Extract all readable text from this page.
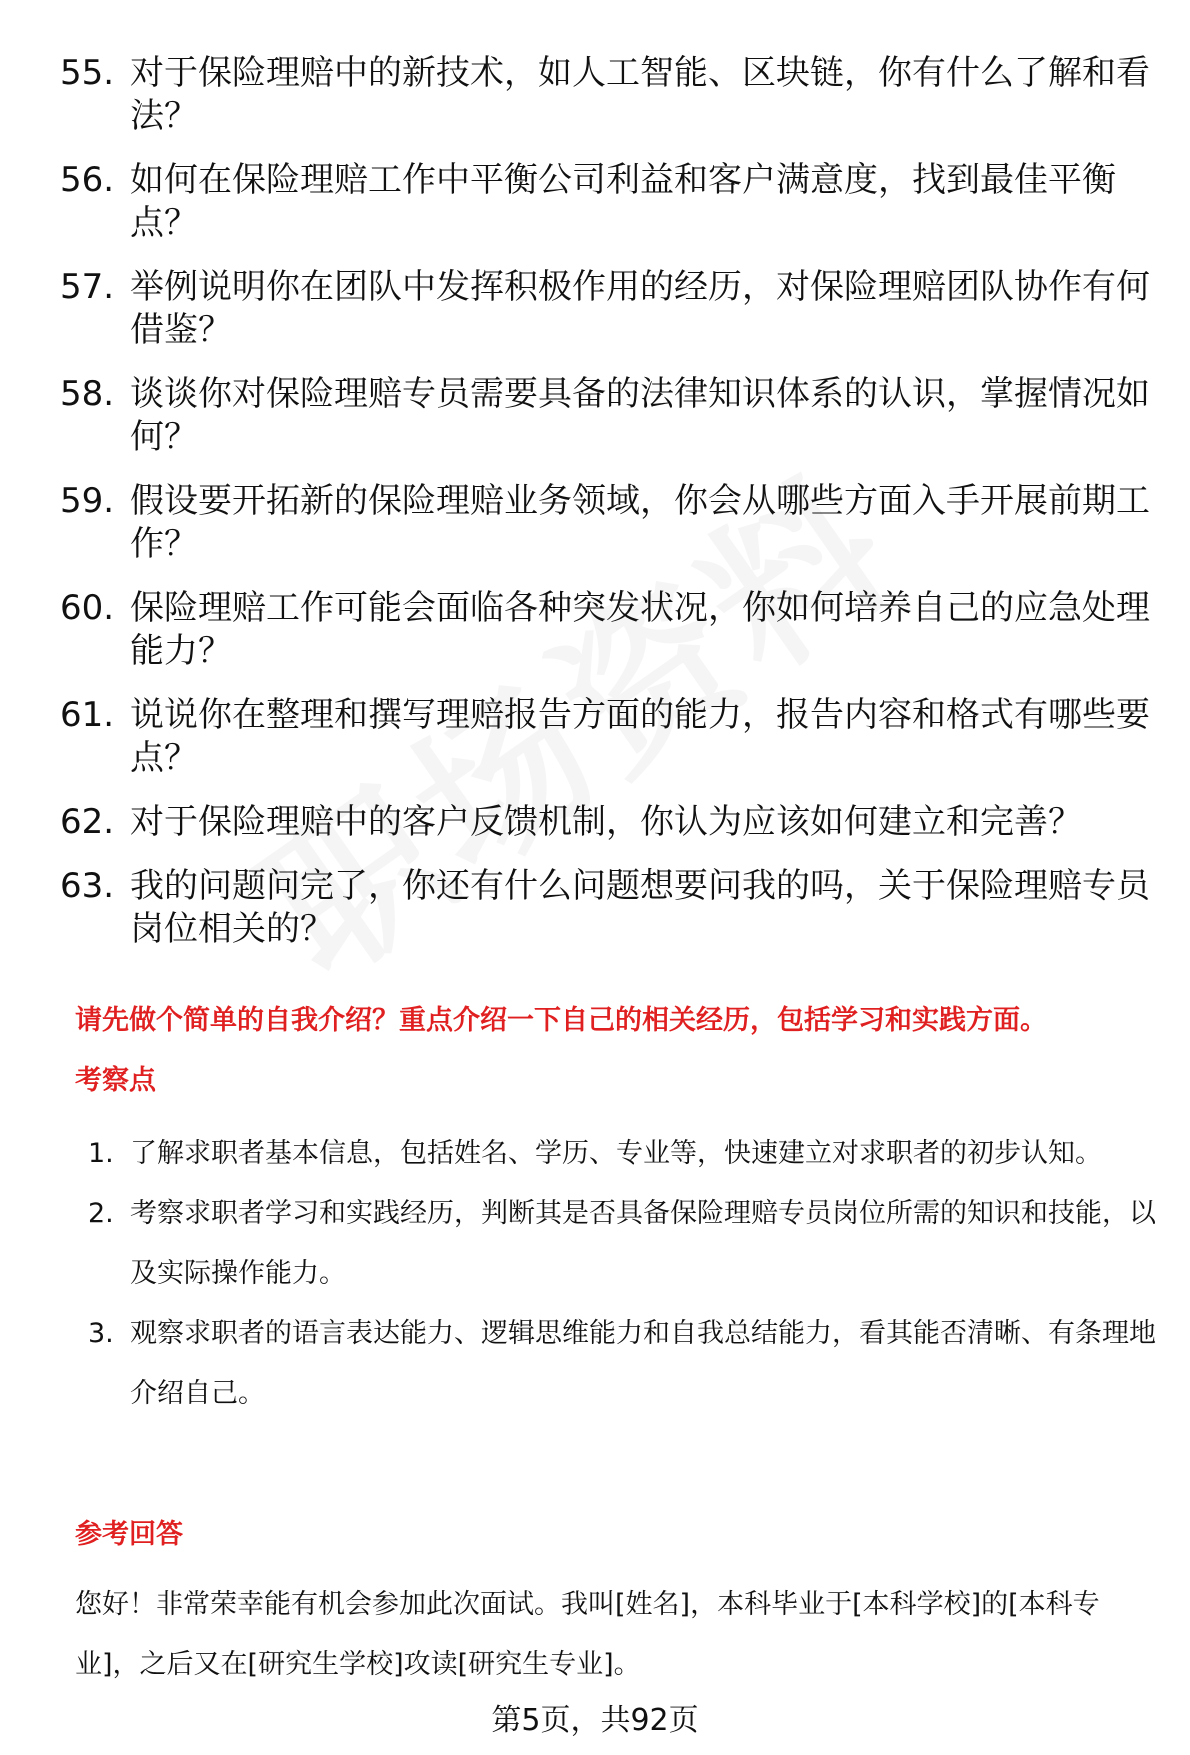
55. 对于保险理赔中的新技术，如人工智能、区块链，你有什么了解和看法？
56. 如何在保险理赔工作中平衡公司利益和客户满意度，找到最佳平衡点？
57. 举例说明你在团队中发挥积极作用的经历，对保险理赔团队协作有何借鉴？
58. 谈谈你对保险理赔专员需要具备的法律知识体系的认识，掌握情况如何？
59. 假设要开拓新的保险理赔业务领域，你会从哪些方面入手开展前期工作？
60. 保险理赔工作可能会面临各种突发状况，你如何培养自己的应急处理能力？
61. 说说你在整理和撰写理赔报告方面的能力，报告内容和格式有哪些要点？
62. 对于保险理赔中的客户反馈机制，你认为应该如何建立和完善？
63. 我的问题问完了，你还有什么问题想要问我的吗，关于保险理赔专员岗位相关的？
请先做个简单的自我介绍？重点介绍一下自己的相关经历，包括学习和实践方面。
考察点
1. 了解求职者基本信息，包括姓名、学历、专业等，快速建立对求职者的初步认知。
2. 考察求职者学习和实践经历，判断其是否具备保险理赔专员岗位所需的知识和技能，以及实际操作能力。
3. 观察求职者的语言表达能力、逻辑思维能力和自我总结能力，看其能否清晰、有条理地介绍自己。
参考回答
您好！非常荣幸能有机会参加此次面试。我叫[姓名]，本科毕业于[本科学校]的[本科专业]，之后又在[研究生学校]攻读[研究生专业]。
第5页，共92页
